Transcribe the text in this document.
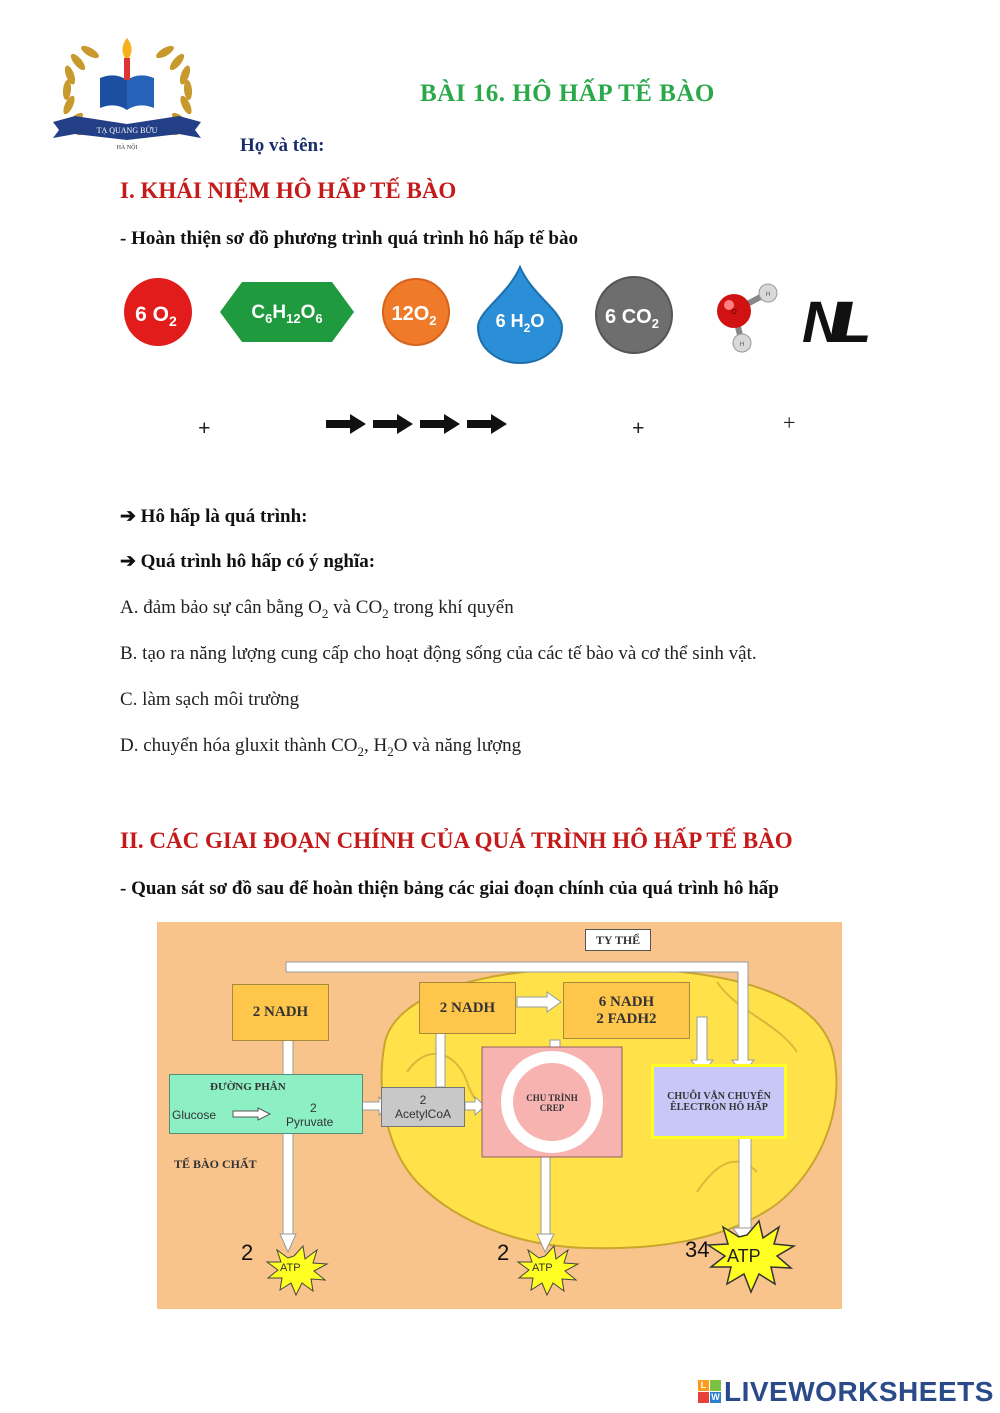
TẠ QUANG BỬU
HÀ NỘI
BÀI 16. HÔ HẤP TẾ BÀO
Họ và tên:
I. KHÁI NIỆM HÔ HẤP TẾ BÀO
- Hoàn thiện sơ đồ phương trình quá trình hô hấp tế bào
6 $O_2$	$C_6H_{12}O_6$	$12O_2$	6 $H_2O$	6 $CO_2$
O
H
H NL
+	+	+
➔ Hô hấp là quá trình:
➔ Quá trình hô hấp có ý nghĩa:
A. đảm bảo sự cân bằng $O_2$ và $CO_2$ trong khí quyển
B. tạo ra năng lượng cung cấp cho hoạt động sống của các tế bào và cơ thể sinh vật.
C. làm sạch môi trường
D. chuyển hóa gluxit thành $CO_2$, $H_2O$ và năng lượng
II. CÁC GIAI ĐOẠN CHÍNH CỦA QUÁ TRÌNH HÔ HẤP TẾ BÀO
- Quan sát sơ đồ sau để hoàn thiện bảng các giai đoạn chính của quá trình hô hấp
TY THỂ
2 NADH	2 NADH	6 NADH
2 FADH2
ĐƯỜNG PHÂN
Glucose	2
Pyruvate
2
AcetylCoA
CHU TRÌNH
CREP
CHUỖI VẬN CHUYỂN
ÊLECTRON HÔ HẤP
TẾ BÀO CHẤT
2
ATP
2
ATP
34 ATP
L
W LIVEWORKSHEETS
